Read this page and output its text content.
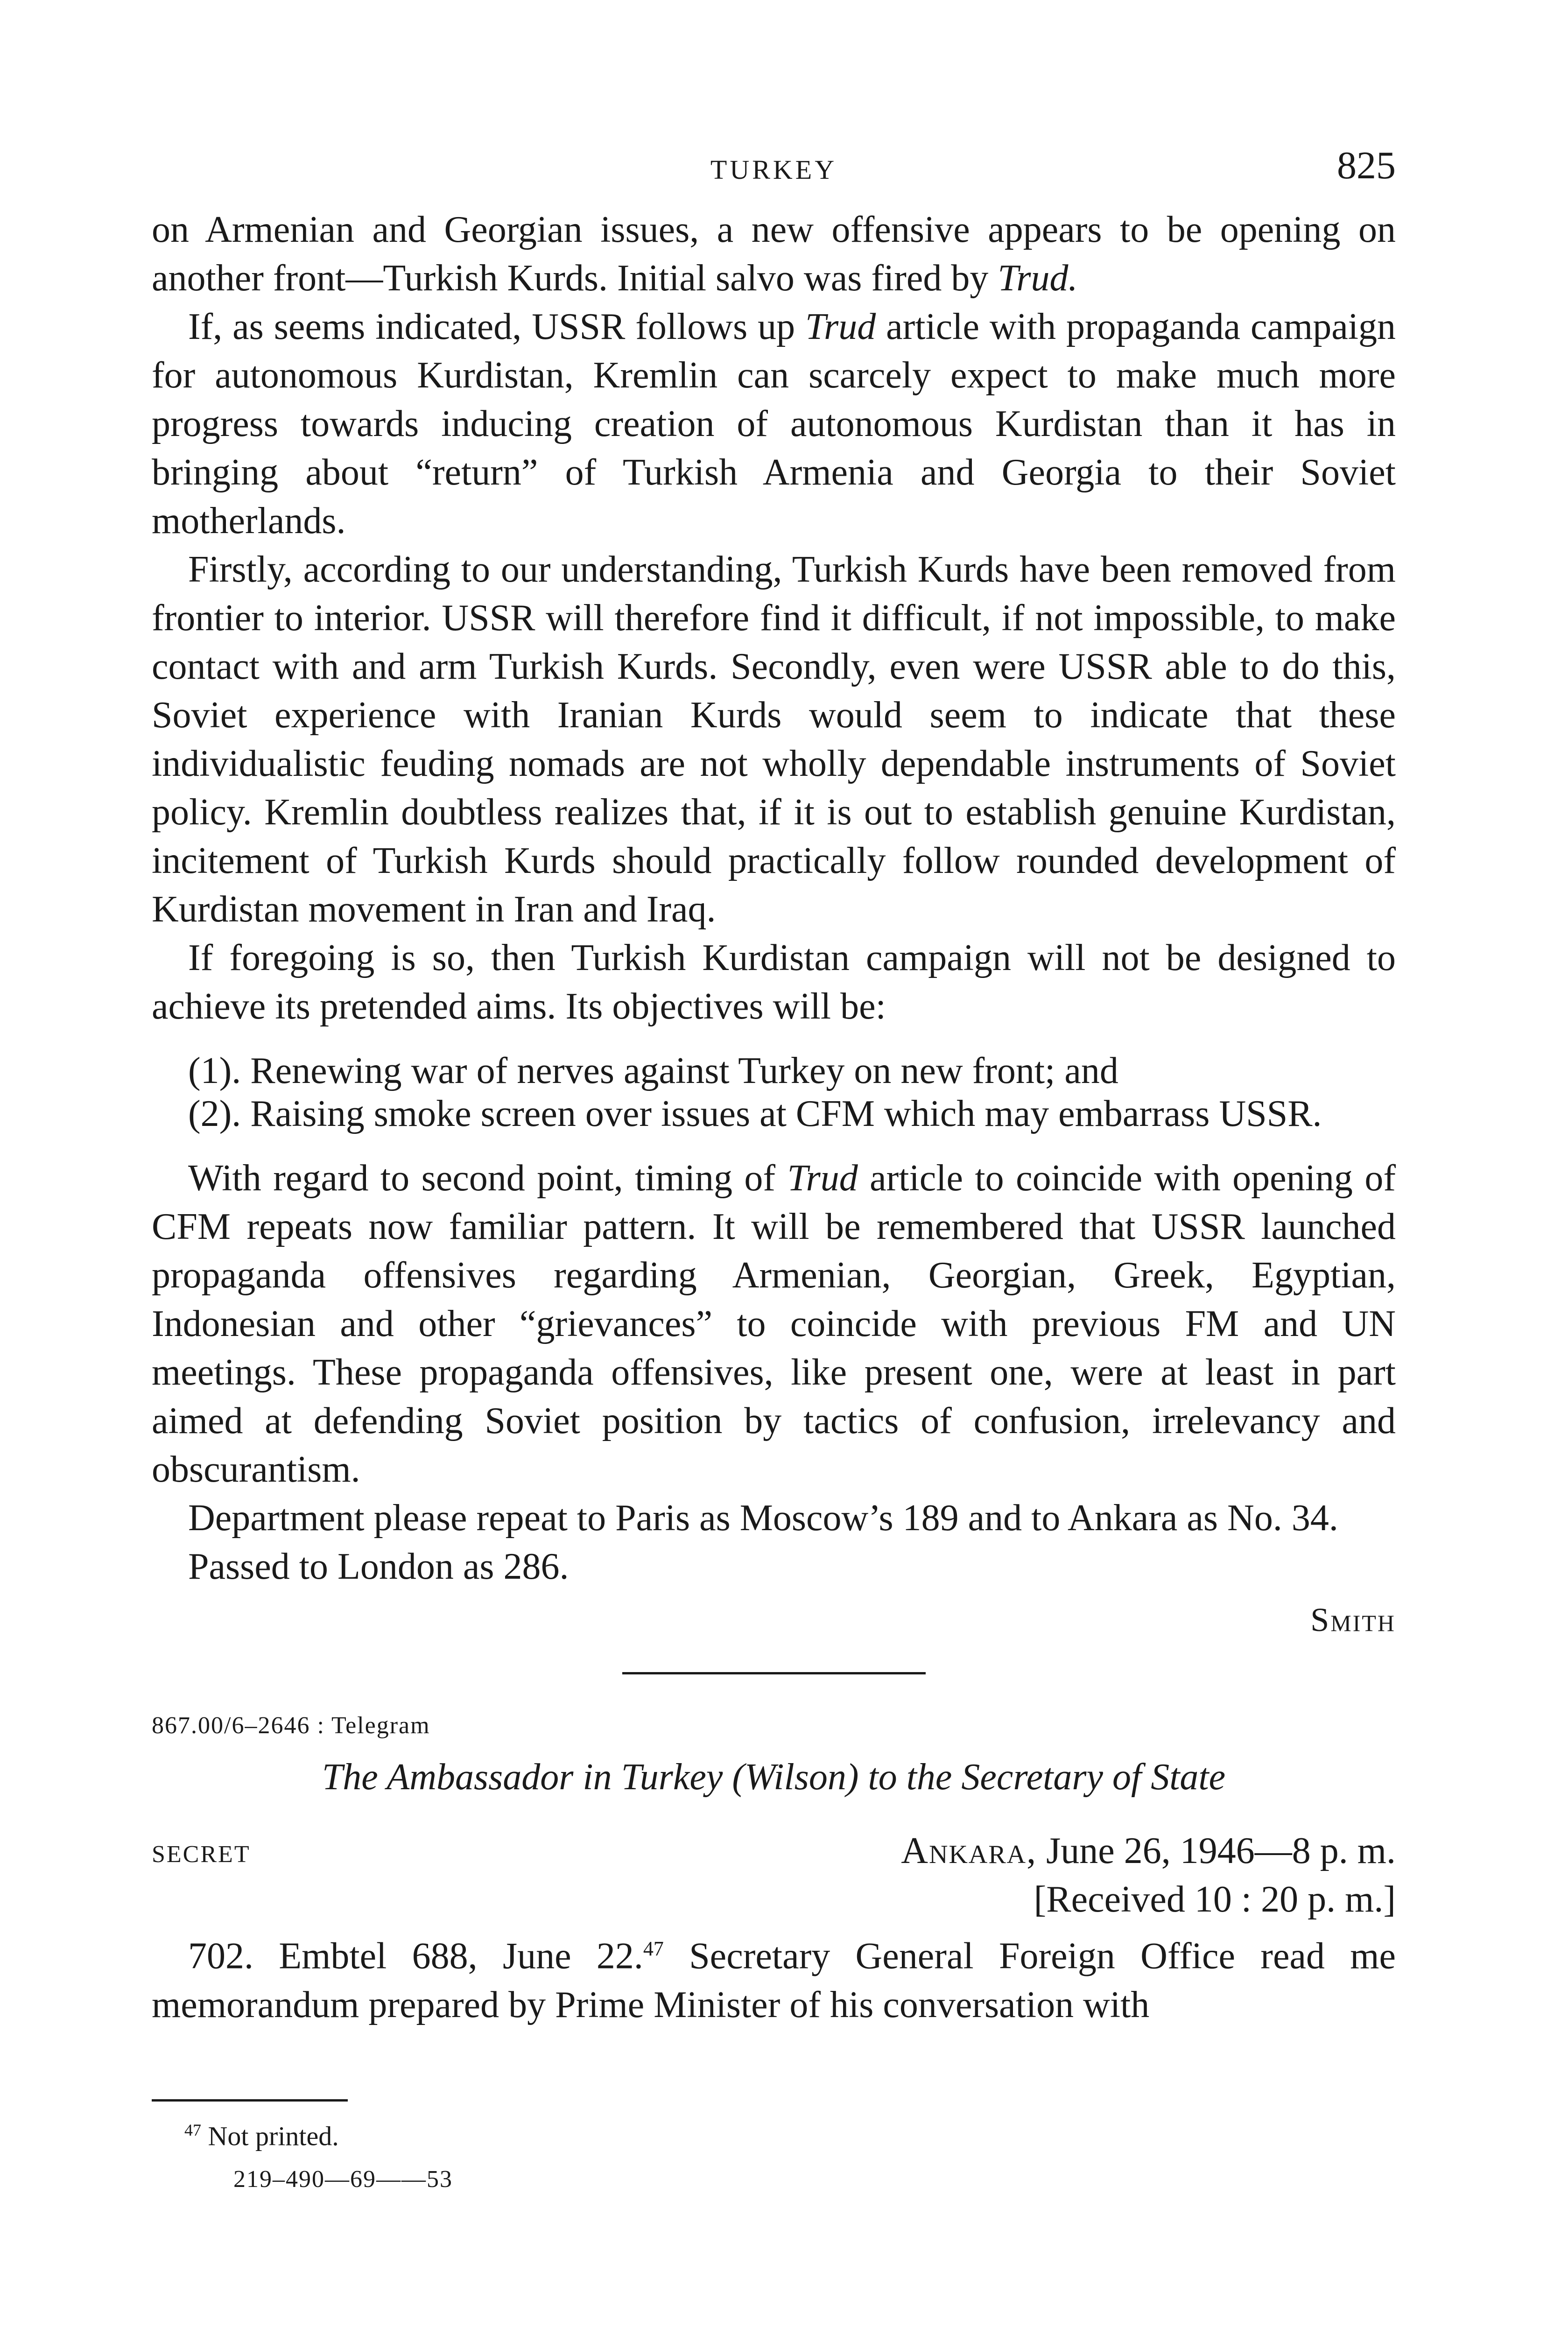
TURKEY	825

on Armenian and Georgian issues, a new offensive appears to be opening on another front—Turkish Kurds. Initial salvo was fired by Trud.

If, as seems indicated, USSR follows up Trud article with propaganda campaign for autonomous Kurdistan, Kremlin can scarcely expect to make much more progress towards inducing creation of autonomous Kurdistan than it has in bringing about “return” of Turkish Armenia and Georgia to their Soviet motherlands.

Firstly, according to our understanding, Turkish Kurds have been removed from frontier to interior. USSR will therefore find it difficult, if not impossible, to make contact with and arm Turkish Kurds. Secondly, even were USSR able to do this, Soviet experience with Iranian Kurds would seem to indicate that these individualistic feuding nomads are not wholly dependable instruments of Soviet policy. Kremlin doubtless realizes that, if it is out to establish genuine Kurdistan, incitement of Turkish Kurds should practically follow rounded development of Kurdistan movement in Iran and Iraq.

If foregoing is so, then Turkish Kurdistan campaign will not be designed to achieve its pretended aims. Its objectives will be:

(1). Renewing war of nerves against Turkey on new front; and
(2). Raising smoke screen over issues at CFM which may embarrass USSR.

With regard to second point, timing of Trud article to coincide with opening of CFM repeats now familiar pattern. It will be remembered that USSR launched propaganda offensives regarding Armenian, Georgian, Greek, Egyptian, Indonesian and other “grievances” to coincide with previous FM and UN meetings. These propaganda offensives, like present one, were at least in part aimed at defending Soviet position by tactics of confusion, irrelevancy and obscurantism.

Department please repeat to Paris as Moscow’s 189 and to Ankara as No. 34.

Passed to London as 286.

Smith
867.00/6–2646 : Telegram
The Ambassador in Turkey (Wilson) to the Secretary of State
SECRET	Ankara, June 26, 1946—8 p. m.
[Received 10 : 20 p. m.]

702. Embtel 688, June 22.47 Secretary General Foreign Office read me memorandum prepared by Prime Minister of his conversation with

$^{47}$ Not printed.
219–490—69——53
